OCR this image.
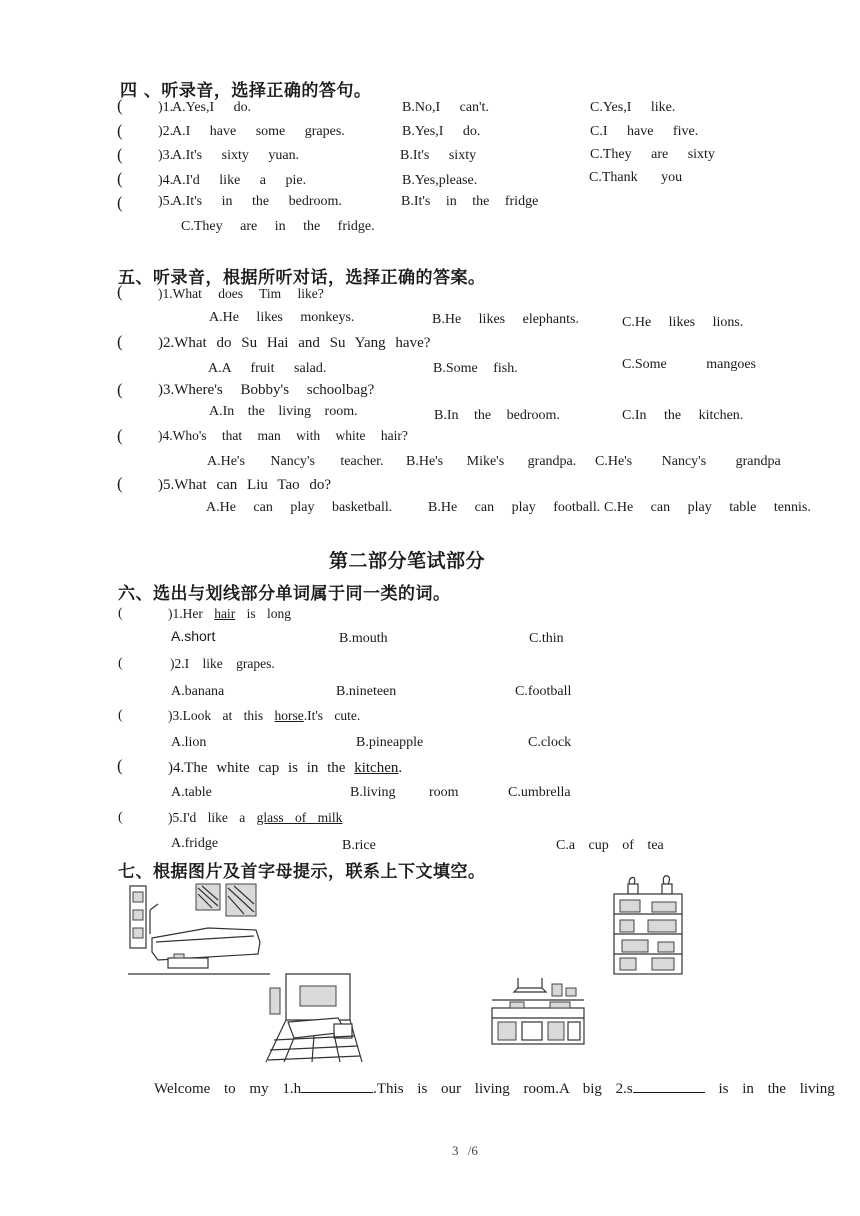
四 、听录音，选择正确的答句。
(	)1.
A.Yes,I do.	B.No,I can't.	C.Yes,I like.
(	)2.
A.I have some grapes.	B.Yes,I do.	C.I have five.
(	)3.
A.It's sixty yuan.	B.It's sixty	C.They are sixty
(	)4.
A.I'd like a pie.	B.Yes,please.	C.Thank you
(	)5.
A.It's in the bedroom.	B.It's in the fridge
C.They are in the fridge.
五、听录音，根据所听对话，选择正确的答案。
(	)1.What does Tim like?
A.He likes monkeys.	B.He likes elephants.	C.He likes lions.
( )2.What do Su Hai and Su Yang have?
A.A fruit salad.	B.Some fish.	C.Some mangoes
( )3.Where's Bobby's schoolbag?
A.In the living room.	B.In the bedroom.	C.In the kitchen.
(	)4.Who's that man with white hair?
A.He's Nancy's teacher. B.He's Mike's grandpa. C.He's Nancy's grandpa
( )5.What can Liu Tao do?
A.He can play basketball.	B.He can play football. C.He can play table tennis.
第二部分笔试部分
六、选出与划线部分单词属于同一类的词。
(	)1.Her hair is long
A.short	B.mouth	C.thin
(	)2.I like grapes.
A.banana	B.nineteen	C.football
(	)3.Look at this horse.It's cute.
A.lion	B.pineapple	C.clock
(	)4.The white cap is in the kitchen.
A.table	B.living room	C.umbrella
(	)5.I'd like a glass of milk
A.fridge	B.rice	C.a cup of tea
七、根据图片及首字母提示，联系上下文填空。
Welcome to my 1.h	.This is our living room.A big 2.s	is in the living
3 /6
